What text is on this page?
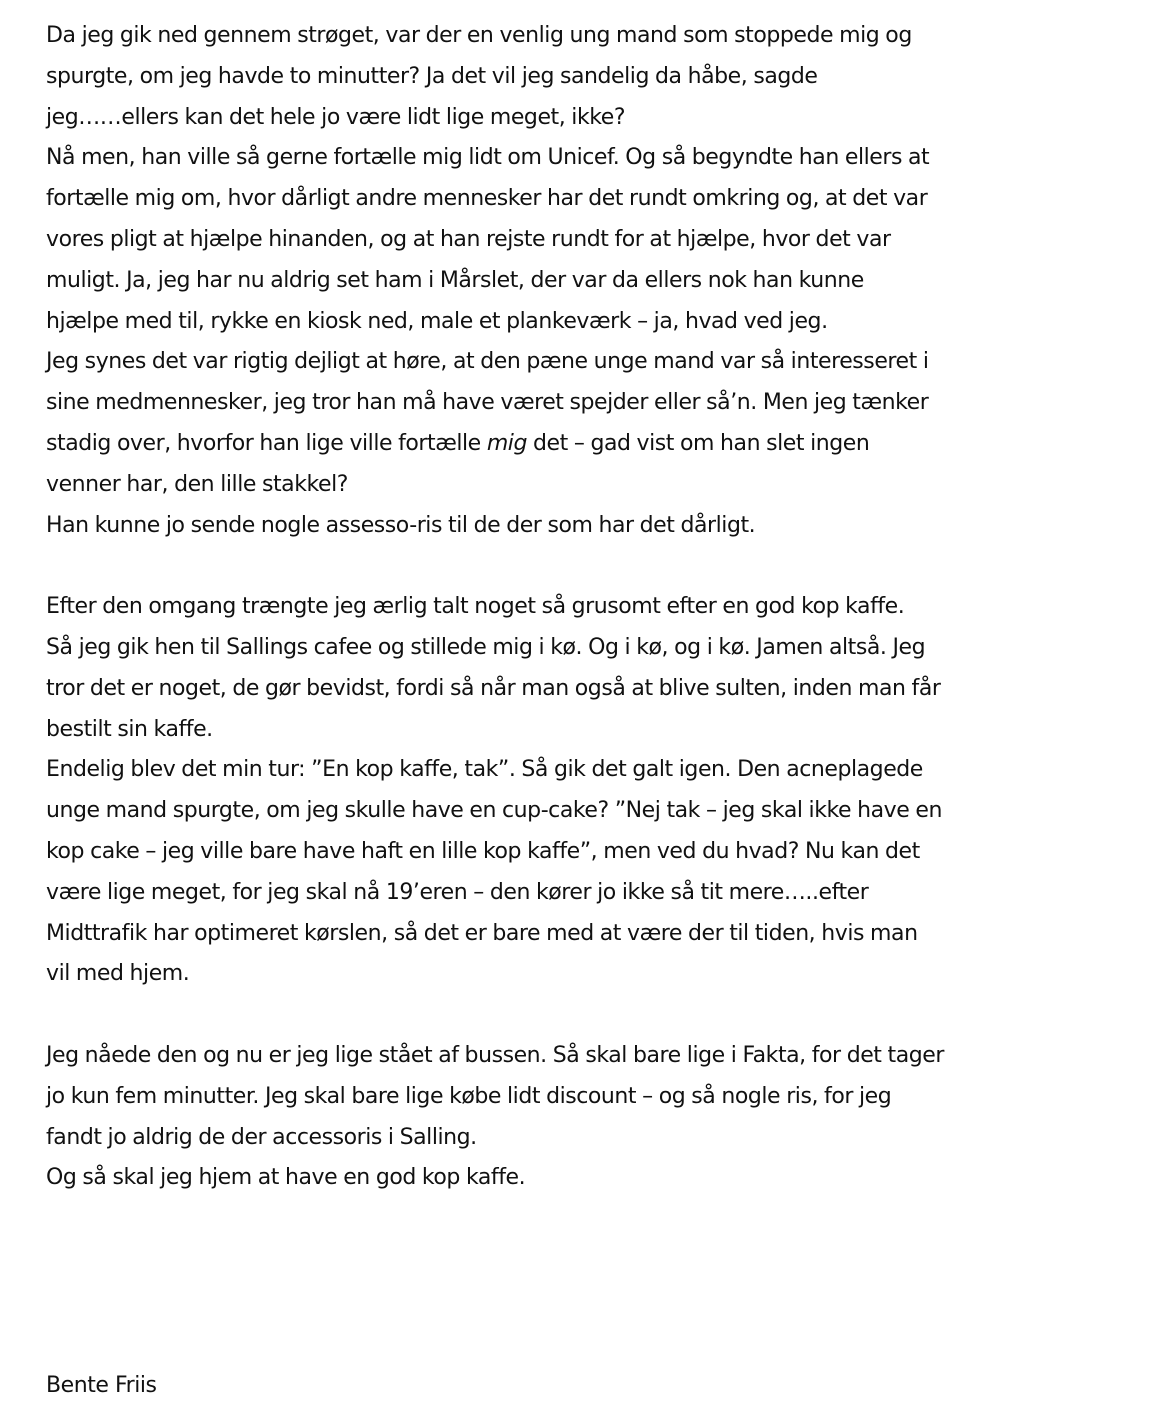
Da jeg gik ned gennem strøget, var der en venlig ung mand som stoppede mig og
spurgte, om jeg havde to minutter? Ja det vil jeg sandelig da håbe, sagde
jeg……ellers kan det hele jo være lidt lige meget, ikke?
Nå men, han ville så gerne fortælle mig lidt om Unicef. Og så begyndte han ellers at
fortælle mig om, hvor dårligt andre mennesker har det rundt omkring og, at det var
vores pligt at hjælpe hinanden, og at han rejste rundt for at hjælpe, hvor det var
muligt. Ja, jeg har nu aldrig set ham i Mårslet, der var da ellers nok han kunne
hjælpe med til, rykke en kiosk ned, male et plankeværk – ja, hvad ved jeg.
Jeg synes det var rigtig dejligt at høre, at den pæne unge mand var så interesseret i
sine medmennesker, jeg tror han må have været spejder eller så’n. Men jeg tænker
stadig over, hvorfor han lige ville fortælle mig det – gad vist om han slet ingen
venner har, den lille stakkel?
Han kunne jo sende nogle assesso-ris til de der som har det dårligt.
Efter den omgang trængte jeg ærlig talt noget så grusomt efter en god kop kaffe.
Så jeg gik hen til Sallings cafee og stillede mig i kø. Og i kø, og i kø. Jamen altså. Jeg
tror det er noget, de gør bevidst, fordi så når man også at blive sulten, inden man får
bestilt sin kaffe.
Endelig blev det min tur: ”En kop kaffe, tak”. Så gik det galt igen. Den acneplagede
unge mand spurgte, om jeg skulle have en cup-cake? ”Nej tak – jeg skal ikke have en
kop cake – jeg ville bare have haft en lille kop kaffe”, men ved du hvad? Nu kan det
være lige meget, for jeg skal nå 19’eren – den kører jo ikke så tit mere…..efter
Midttrafik har optimeret kørslen, så det er bare med at være der til tiden, hvis man
vil med hjem.
Jeg nåede den og nu er jeg lige stået af bussen. Så skal bare lige i Fakta, for det tager
jo kun fem minutter. Jeg skal bare lige købe lidt discount – og så nogle ris, for jeg
fandt jo aldrig de der accessoris i Salling.
Og så skal jeg hjem at have en god kop kaffe.
Bente Friis
